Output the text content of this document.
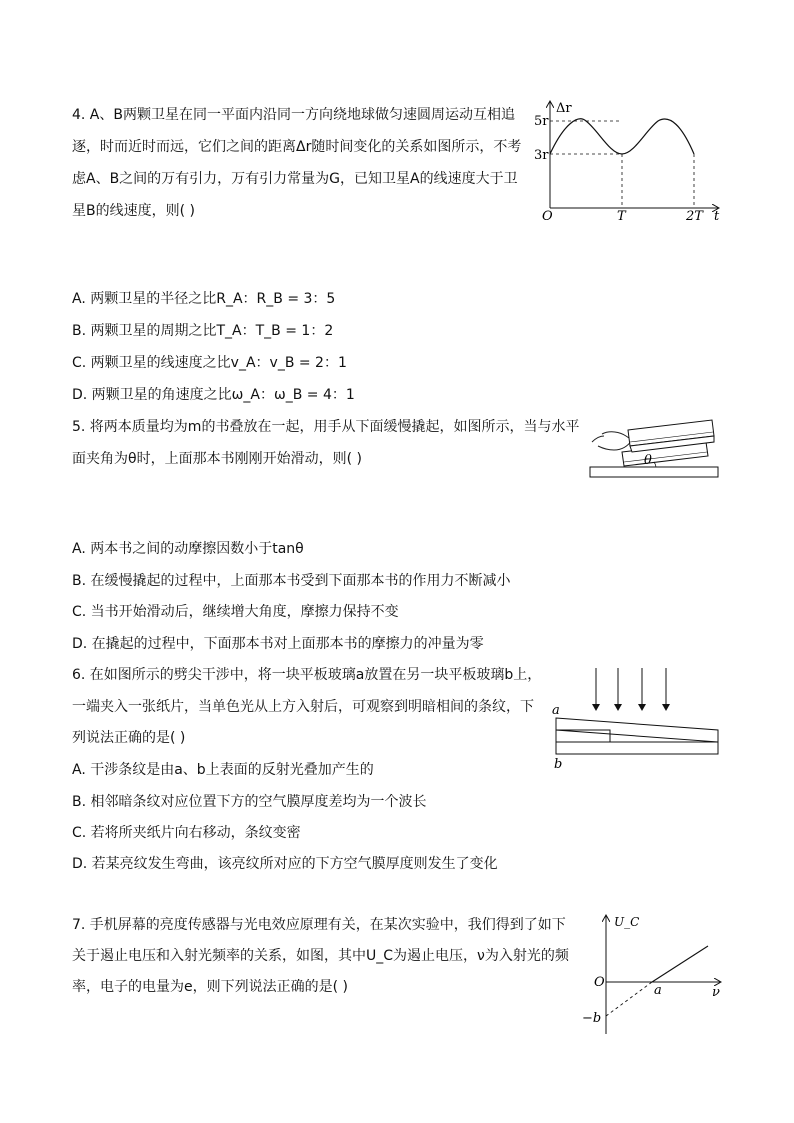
4. A、B两颗卫星在同一平面内沿同一方向绕地球做匀速圆周运动互相追
逐，时而近时而远，它们之间的距离Δr随时间变化的关系如图所示，不考
虑A、B之间的万有引力，万有引力常量为G，已知卫星A的线速度大于卫
星B的线速度，则( )
Δr
t
O
5r
3r
T	2T
A. 两颗卫星的半径之比R_A：R_B = 3：5
B. 两颗卫星的周期之比T_A：T_B = 1：2
C. 两颗卫星的线速度之比v_A：v_B = 2：1
D. 两颗卫星的角速度之比ω_A：ω_B = 4：1
5. 将两本质量均为m的书叠放在一起，用手从下面缓慢撬起，如图所示，当与水平
面夹角为θ时，上面那本书刚刚开始滑动，则( )	θ
A. 两本书之间的动摩擦因数小于tanθ
B. 在缓慢撬起的过程中，上面那本书受到下面那本书的作用力不断减小
C. 当书开始滑动后，继续增大角度，摩擦力保持不变
D. 在撬起的过程中，下面那本书对上面那本书的摩擦力的冲量为零
6. 在如图所示的劈尖干涉中，将一块平板玻璃a放置在另一块平板玻璃b上，
一端夹入一张纸片，当单色光从上方入射后，可观察到明暗相间的条纹，下
列说法正确的是( )
a
b
A. 干涉条纹是由a、b上表面的反射光叠加产生的
B. 相邻暗条纹对应位置下方的空气膜厚度差均为一个波长
C. 若将所夹纸片向右移动，条纹变密
D. 若某亮纹发生弯曲，该亮纹所对应的下方空气膜厚度则发生了变化
7. 手机屏幕的亮度传感器与光电效应原理有关，在某次实验中，我们得到了如下
关于遏止电压和入射光频率的关系，如图，其中U_C为遏止电压，ν为入射光的频
率，电子的电量为e，则下列说法正确的是( )
U_C
ν
O
a
−b
